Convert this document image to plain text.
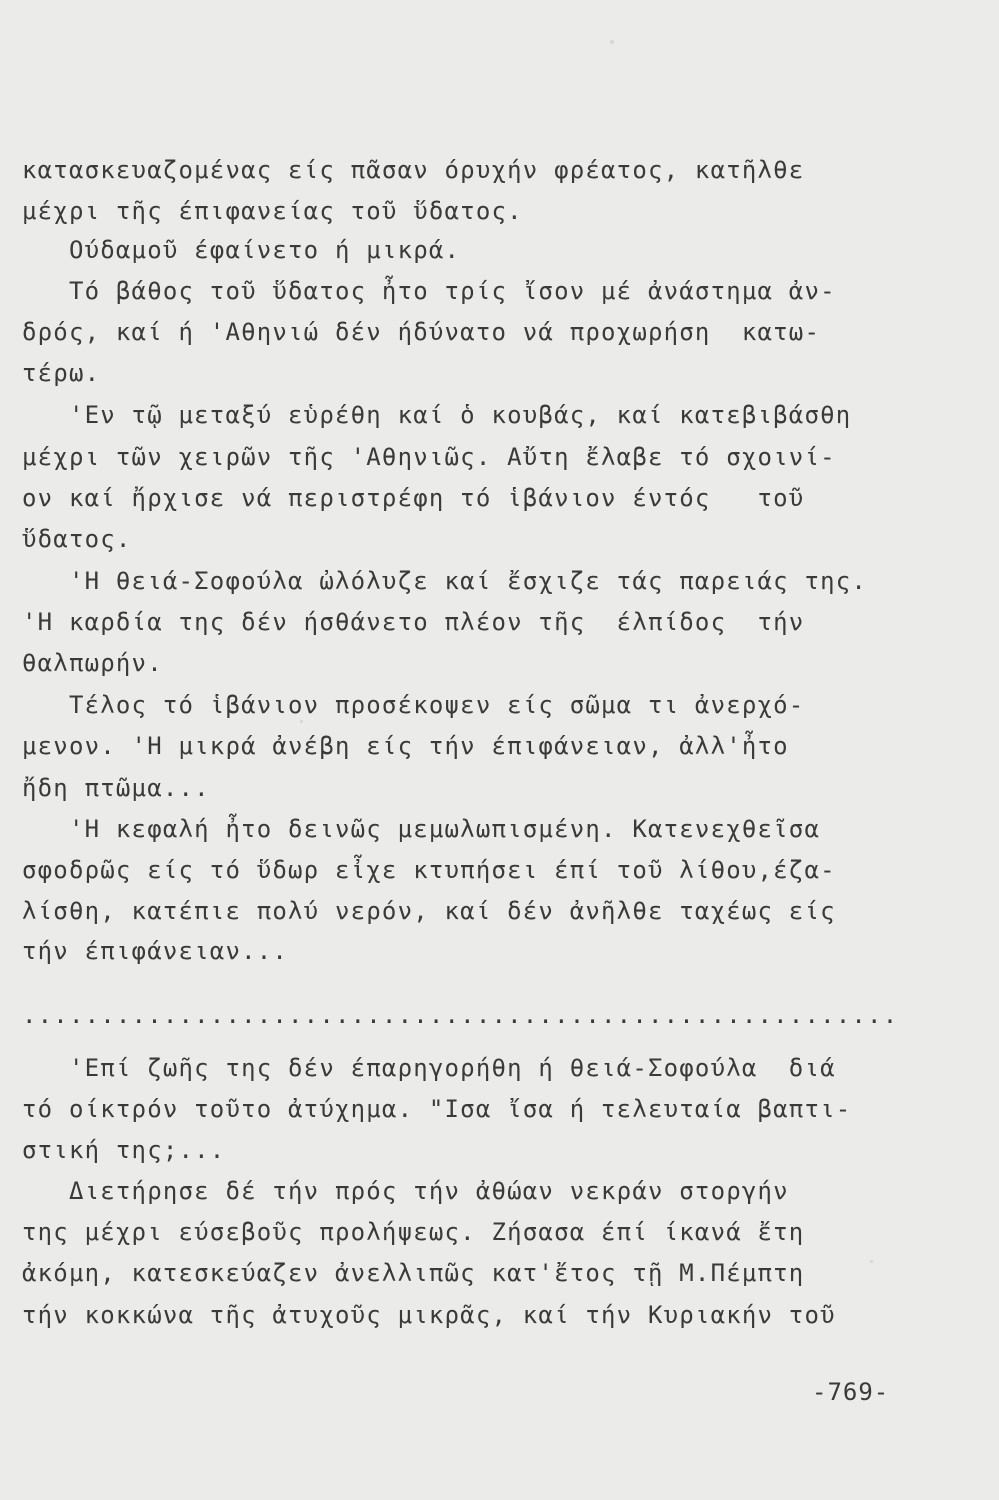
κατασκευαζομένας είς πᾶσαν όρυχήν φρέατος, κατῆλθε
μέχρι τῆς έπιφανείας τοῦ ὕδατος.
Ούδαμοῦ έφαίνετο ή μικρά.
Τό βάθος τοῦ ὕδατος ἦτο τρίς ἴσον μέ ἀνάστημα ἀν-
δρός, καί ή 'Αθηνιώ δέν ήδύνατο νά προχωρήση  κατω-
τέρω.
'Εν τῷ μεταξύ εὑρέθη καί ὁ κουβάς, καί κατεβιβάσθη
μέχρι τῶν χειρῶν τῆς 'Αθηνιῶς. Αὔτη ἔλαβε τό σχοινί-
ον καί ἤρχισε νά περιστρέφη τό ἱβάνιον έντός   τοῦ
ὕδατος.
'Η θειά-Σοφούλα ὠλόλυζε καί ἔσχιζε τάς παρειάς της.
'Η καρδία της δέν ήσθάνετο πλέον τῆς  έλπίδος  τήν
θαλπωρήν.
Τέλος τό ἱβάνιον προσέκοψεν είς σῶμα τι ἀνερχό-
μενον. 'Η μικρά ἀνέβη είς τήν έπιφάνειαν, ἀλλ'ἦτο
ἤδη πτῶμα...
'Η κεφαλή ἦτο δεινῶς μεμωλωπισμένη. Κατενεχθεῖσα
σφοδρῶς είς τό ὕδωρ εἶχε κτυπήσει έπί τοῦ λίθου,έζα-
λίσθη, κατέπιε πολύ νερόν, καί δέν ἀνῆλθε ταχέως είς
τήν έπιφάνειαν...
........................................................
'Επί ζωῆς της δέν έπαρηγορήθη ή θειά-Σοφούλα  διά
τό οίκτρόν τοῦτο ἀτύχημα. "Ισα ἴσα ή τελευταία βαπτι-
στική της;...
Διετήρησε δέ τήν πρός τήν ἀθώαν νεκράν στοργήν
της μέχρι εύσεβοῦς προλήψεως. Ζήσασα έπί ίκανά ἔτη
ἀκόμη, κατεσκεύαζεν ἀνελλιπῶς κατ'ἔτος τῇ Μ.Πέμπτη
τήν κοκκώνα τῆς ἀτυχοῦς μικρᾶς, καί τήν Κυριακήν τοῦ
-769-
